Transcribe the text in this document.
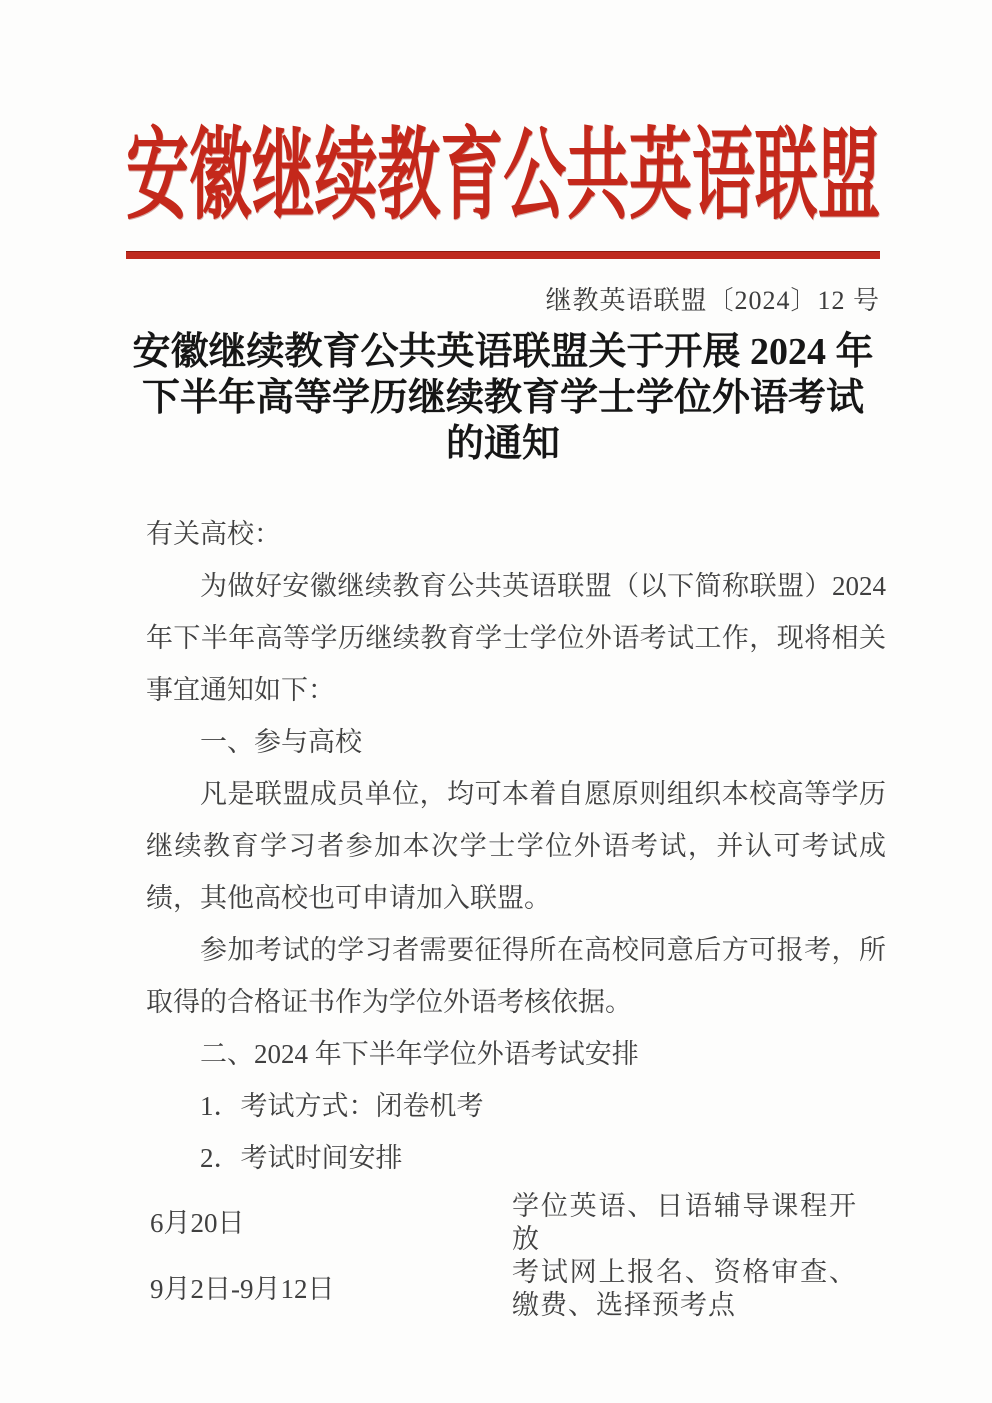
安徽继续教育公共英语联盟
继教英语联盟〔2024〕12 号
安徽继续教育公共英语联盟关于开展 2024 年
下半年高等学历继续教育学士学位外语考试
的通知

有关高校：

为做好安徽继续教育公共英语联盟（以下简称联盟）2024 年下半年高等学历继续教育学士学位外语考试工作，现将相关事宜通知如下：

一、参与高校

凡是联盟成员单位，均可本着自愿原则组织本校高等学历继续教育学习者参加本次学士学位外语考试，并认可考试成绩，其他高校也可申请加入联盟。

参加考试的学习者需要征得所在高校同意后方可报考，所取得的合格证书作为学位外语考核依据。

二、2024 年下半年学位外语考试安排

1．考试方式：闭卷机考

2．考试时间安排

6月20日
学位英语、日语辅导课程开放
9月2日-9月12日
考试网上报名、资格审查、缴费、选择预考点
